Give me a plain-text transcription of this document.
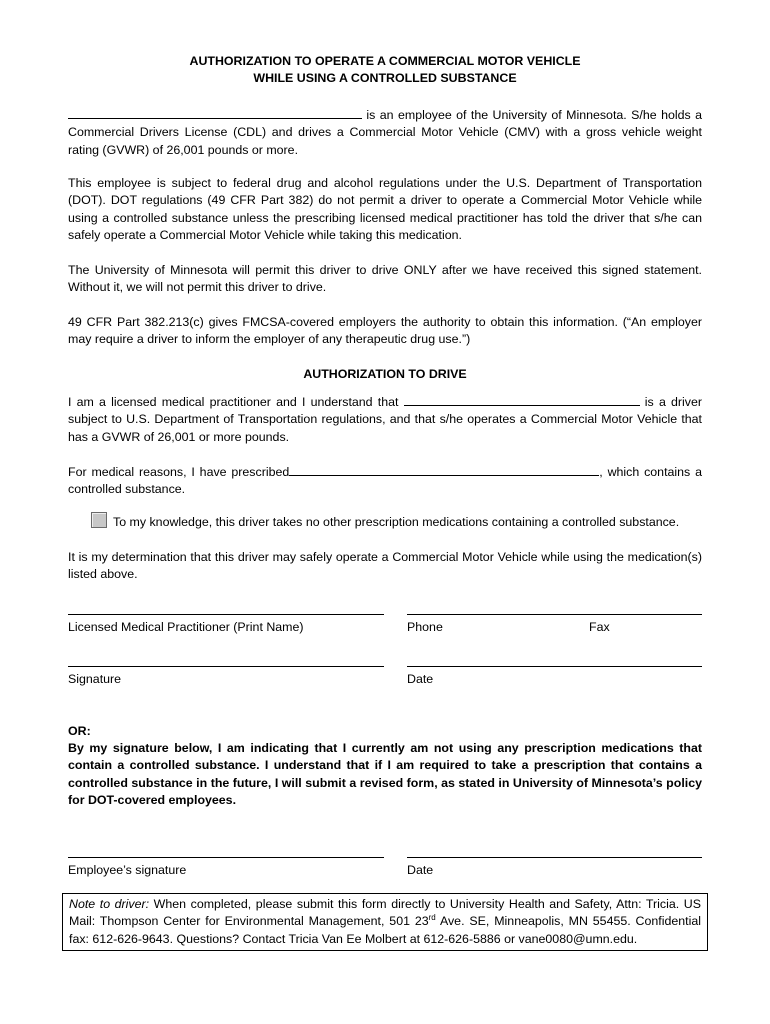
AUTHORIZATION TO OPERATE A COMMERCIAL MOTOR VEHICLE
WHILE USING A CONTROLLED SUBSTANCE
is an employee of the University of Minnesota. S/he holds a Commercial Drivers License (CDL) and drives a Commercial Motor Vehicle (CMV) with a gross vehicle weight rating (GVWR) of 26,001 pounds or more.
This employee is subject to federal drug and alcohol regulations under the U.S. Department of Transportation (DOT). DOT regulations (49 CFR Part 382) do not permit a driver to operate a Commercial Motor Vehicle while using a controlled substance unless the prescribing licensed medical practitioner has told the driver that s/he can safely operate a Commercial Motor Vehicle while taking this medication.
The University of Minnesota will permit this driver to drive ONLY after we have received this signed statement. Without it, we will not permit this driver to drive.
49 CFR Part 382.213(c) gives FMCSA-covered employers the authority to obtain this information. (“An employer may require a driver to inform the employer of any therapeutic drug use.”)
AUTHORIZATION TO DRIVE
I am a licensed medical practitioner and I understand that	is a driver subject to U.S. Department of Transportation regulations, and that s/he operates a Commercial Motor Vehicle that has a GVWR of 26,001 or more pounds.
For medical reasons, I have prescribed	, which contains a controlled substance.
To my knowledge, this driver takes no other prescription medications containing a controlled substance.
It is my determination that this driver may safely operate a Commercial Motor Vehicle while using the medication(s) listed above.
Licensed Medical Practitioner (Print Name)	Phone	Fax
Signature	Date
OR:
By my signature below, I am indicating that I currently am not using any prescription medications that contain a controlled substance. I understand that if I am required to take a prescription that contains a controlled substance in the future, I will submit a revised form, as stated in University of Minnesota’s policy for DOT-covered employees.
Employee’s signature	Date
Note to driver: When completed, please submit this form directly to University Health and Safety, Attn: Tricia. US Mail: Thompson Center for Environmental Management, 501 23rd Ave. SE, Minneapolis, MN 55455. Confidential fax: 612-626-9643. Questions? Contact Tricia Van Ee Molbert at 612-626-5886 or vane0080@umn.edu.
